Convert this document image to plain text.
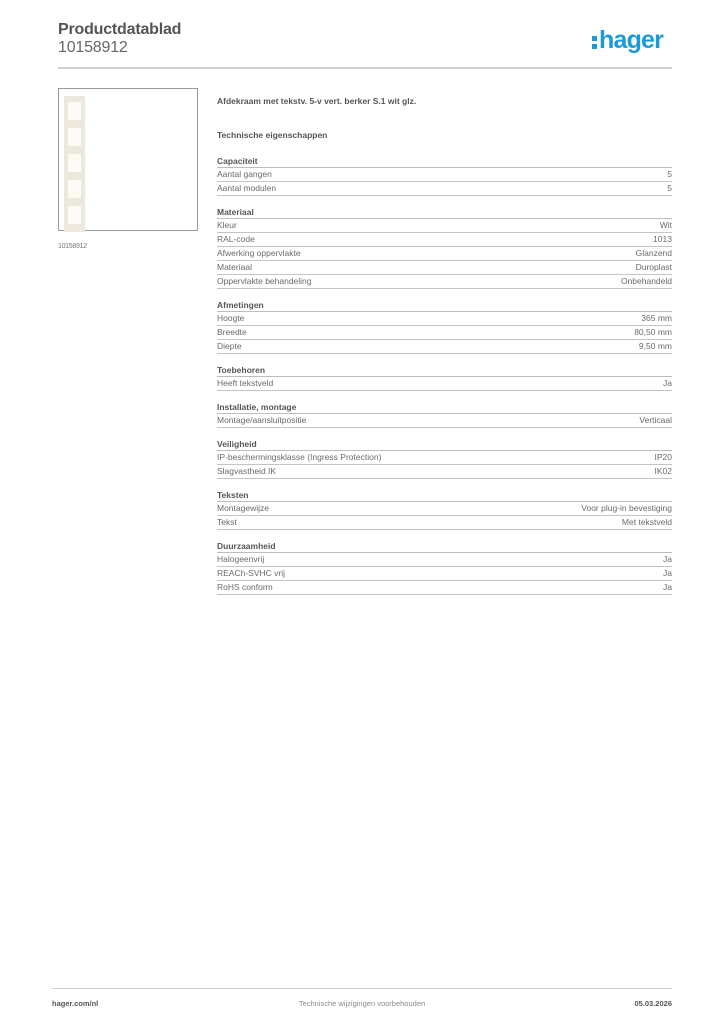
Productdatablad
10158912	hager
10158912
Afdekraam met tekstv. 5-v vert. berker S.1 wit glz.
Technische eigenschappen
Capaciteit
Aantal gangen	5
Aantal modulen	5
Materiaal
Kleur	Wit
RAL-code	1013
Afwerking oppervlakte	Glanzend
Materiaal	Duroplast
Oppervlakte behandeling	Onbehandeld
Afmetingen
Hoogte	365 mm
Breedte	80,50 mm
Diepte	9,50 mm
Toebehoren
Heeft tekstveld	Ja
Installatie, montage
Montage/aansluitpositie	Verticaal
Veiligheid
IP-beschermingsklasse (Ingress Protection)	IP20
Slagvastheid IK	IK02
Teksten
Montagewijze	Voor plug-in bevestiging
Tekst	Met tekstveld
Duurzaamheid
Halogeenvrij	Ja
REACh-SVHC vrij	Ja
RoHS conform	Ja
hager.com/nl	Technische wijzigingen voorbehouden	05.03.2026
